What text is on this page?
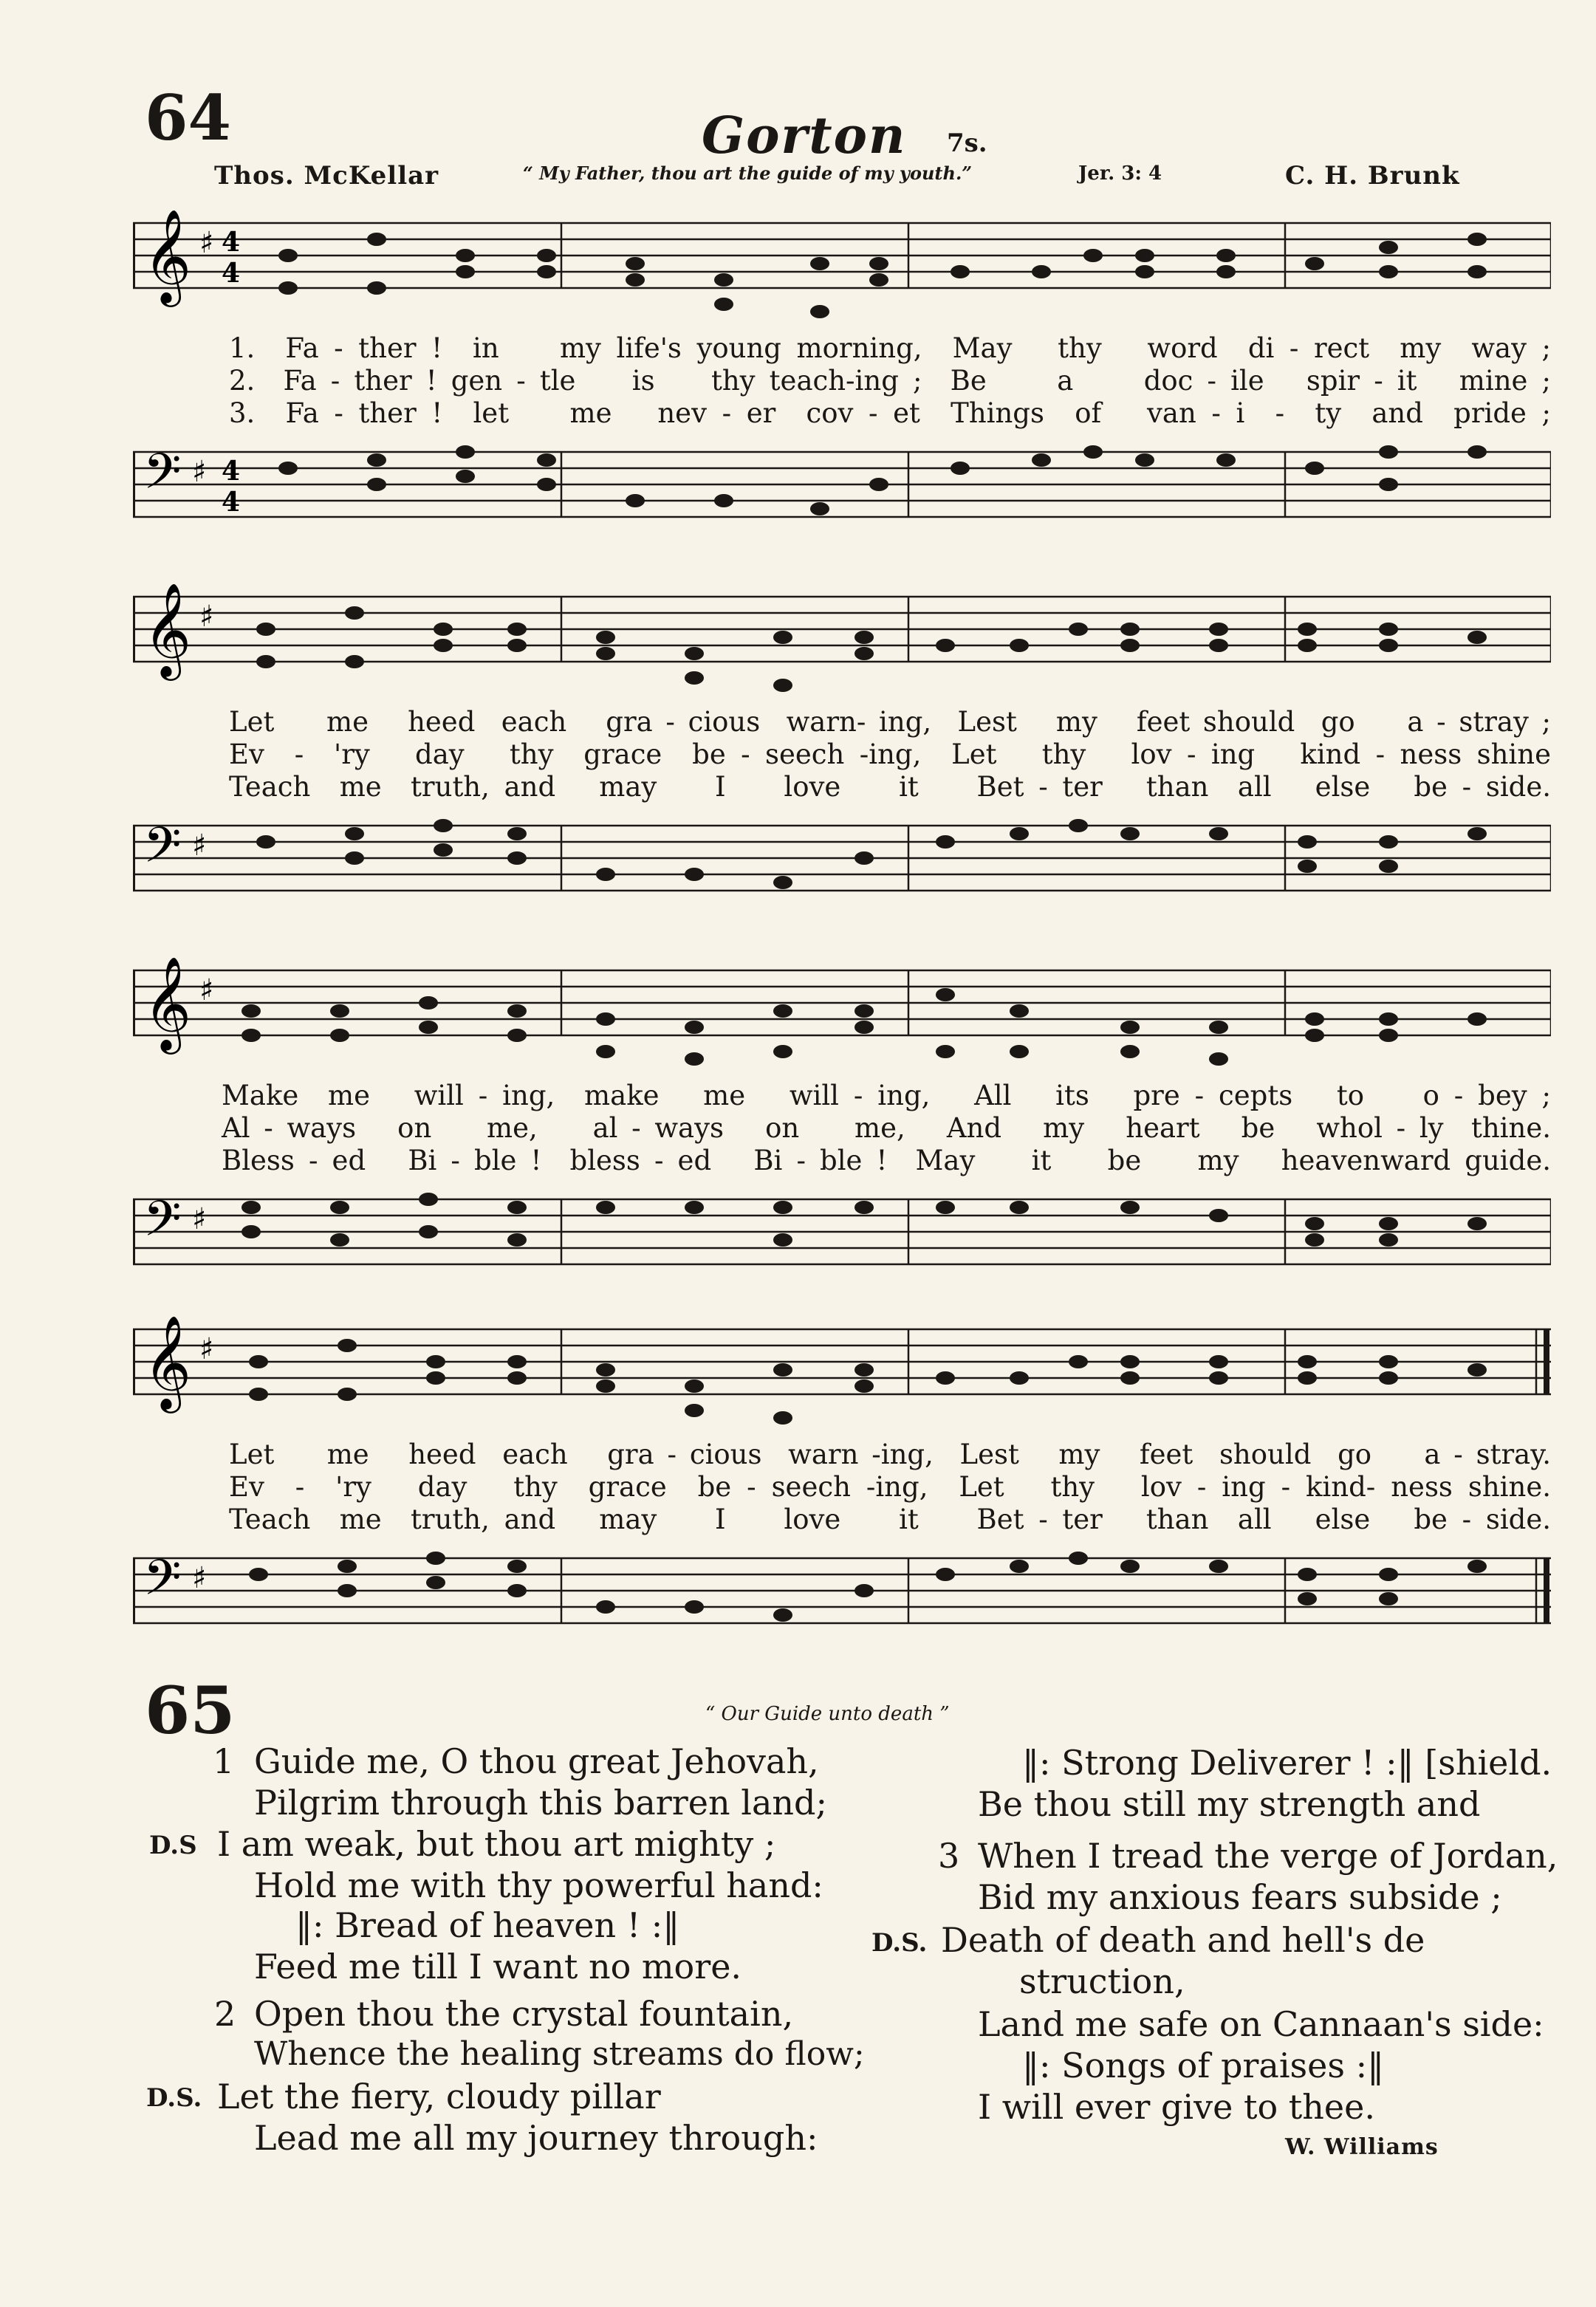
64	Gorton 7s.
Thos. McKellar	“ My Father, thou art the guide of my youth.”	Jer. 3: 4	C. H. Brunk
𝄞 ♯ 4
4
1.  Fa - ther !  in    my life's young morning,  May   thy   word  di - rect  my  way ;
2.  Fa - ther ! gen - tle    is    thy teach-ing ;  Be     a     doc - ile   spir - it   mine ;
3.  Fa - ther !  let    me   nev - er  cov - et  Things  of   van - i  -  ty  and  pride ;
𝄢 ♯ 4
4
𝄞 ♯
Let    me   heed  each   gra - cious  warn- ing,  Lest   my   feet should  go    a - stray ;
Ev  -  'ry   day   thy  grace  be - seech -ing,  Let   thy   lov - ing   kind - ness shine
Teach  me  truth, and   may    I    love    it    Bet - ter   than  all   else   be - side.
𝄢 ♯
𝄞 ♯
Make  me   will - ing,  make   me   will - ing,   All   its   pre - cepts   to    o - bey ;
Al - ways   on    me,    al - ways   on    me,   And   my   heart   be   whol - ly  thine.
Bless - ed   Bi - ble !  bless - ed   Bi - ble !  May    it    be    my   heavenward guide.
𝄢 ♯
𝄞 ♯
Let    me   heed  each   gra - cious  warn -ing,  Lest   my   feet  should  go    a - stray.
Ev  -  'ry   day   thy  grace  be - seech -ing,  Let   thy   lov - ing - kind- ness shine.
Teach  me  truth, and   may    I    love    it    Bet - ter   than  all   else   be - side.
𝄢 ♯
65	“ Our Guide unto death ”
1 Guide me, O thou great Jehovah,
Pilgrim through this barren land;
D.S I am weak, but thou art mighty ;
Hold me with thy powerful hand:
‖: Bread of heaven ! :‖
Feed me till I want no more.
2 Open thou the crystal fountain,
Whence the healing streams do flow;
D.S. Let the fiery, cloudy pillar
Lead me all my journey through:
‖: Strong Deliverer ! :‖ [shield.
Be thou still my strength and
3 When I tread the verge of Jordan,
Bid my anxious fears subside ;
D.S. Death of death and hell's de
struction,
Land me safe on Cannaan's side:
‖: Songs of praises :‖
I will ever give to thee.
W. Williams
